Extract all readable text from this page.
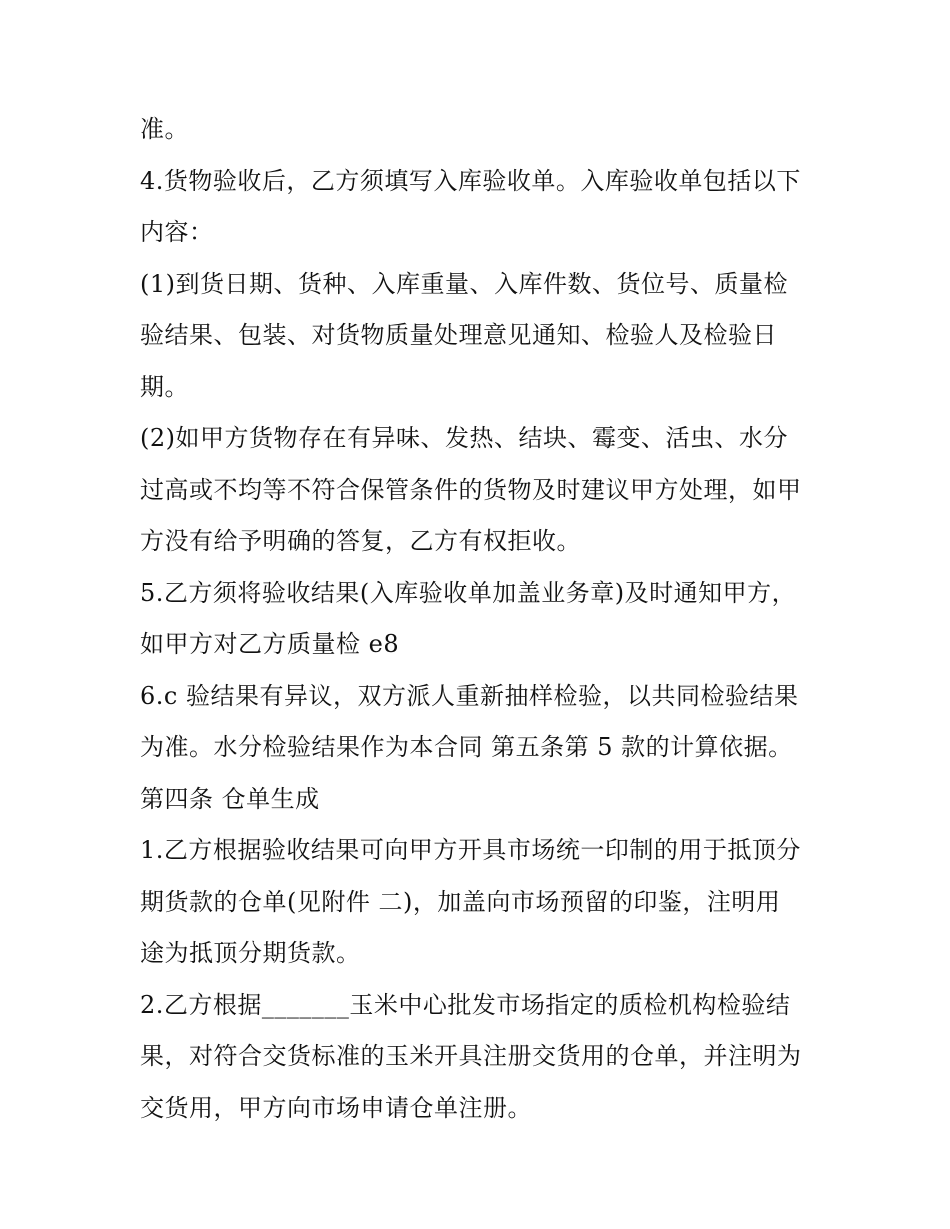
准。
4.货物验收后，乙方须填写入库验收单。入库验收单包括以下
内容：
(1)到货日期、货种、入库重量、入库件数、货位号、质量检
验结果、包装、对货物质量处理意见通知、检验人及检验日
期。
(2)如甲方货物存在有异味、发热、结块、霉变、活虫、水分
过高或不均等不符合保管条件的货物及时建议甲方处理，如甲
方没有给予明确的答复，乙方有权拒收。
5.乙方须将验收结果(入库验收单加盖业务章)及时通知甲方，
如甲方对乙方质量检 e8
6.c 验结果有异议，双方派人重新抽样检验，以共同检验结果
为准。水分检验结果作为本合同 第五条第 5 款的计算依据。
第四条 仓单生成
1.乙方根据验收结果可向甲方开具市场统一印制的用于抵顶分
期货款的仓单(见附件 二)，加盖向市场预留的印鉴，注明用
途为抵顶分期货款。
2.乙方根据_______玉米中心批发市场指定的质检机构检验结
果，对符合交货标准的玉米开具注册交货用的仓单，并注明为
交货用，甲方向市场申请仓单注册。
